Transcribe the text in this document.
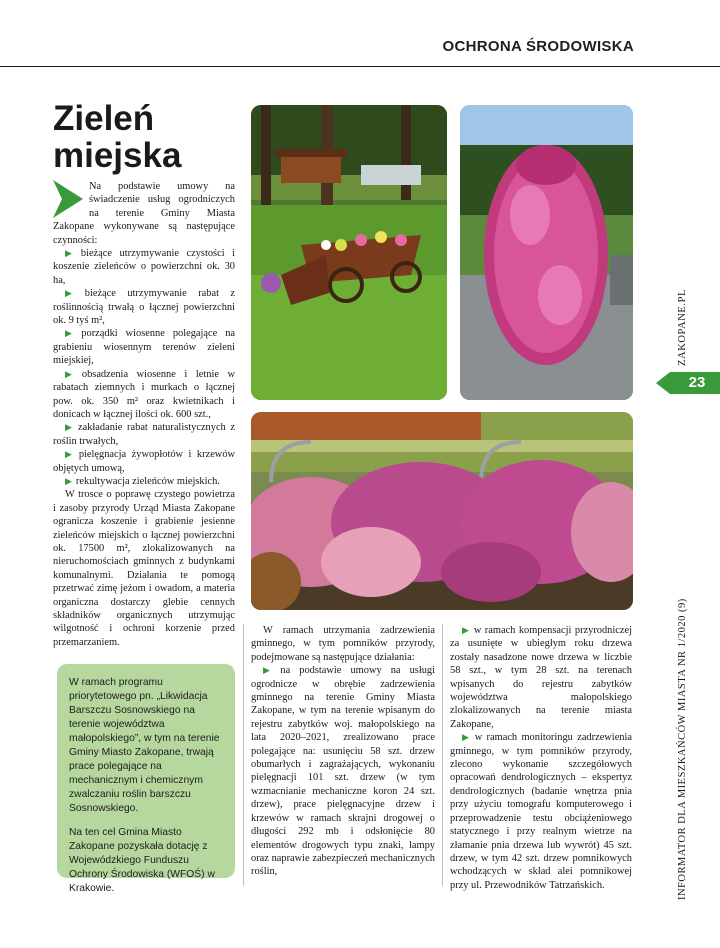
OCHRONA ŚRODOWISKA
Zieleń
miejska

Na podstawie umowy na świadczenie usług ogrodniczych na terenie Gminy Miasta Zakopane wykonywane są następujące czynności:

▶ bieżące utrzymywanie czystości i koszenie zieleńców o powierzchni ok. 30 ha,

▶ bieżące utrzymywanie rabat z roślinnością trwałą o łącznej powierzchni ok. 9 tyś m²,

▶ porządki wiosenne polegające na grabieniu wiosennym terenów zieleni miejskiej,

▶ obsadzenia wiosenne i letnie w rabatach ziemnych i murkach o łącznej pow. ok. 350 m² oraz kwietnikach i donicach w łącznej ilości ok. 600 szt.,

▶ zakładanie rabat naturalistycznych z roślin trwałych,

▶ pielęgnacja żywopłotów i krzewów objętych umową,

▶ rekultywacja zieleńców miejskich.

W trosce o poprawę czystego powietrza i zasoby przyrody Urząd Miasta Zakopane ogranicza koszenie i grabienie jesienne zieleńców miejskich o łącznej powierzchni ok. 17500 m², zlokalizowanych na nieruchomościach gminnych z budynkami komunalnymi. Działania te pomogą przetrwać zimę jeżom i owadom, a materia organiczna dostarczy glebie cennych składników organicznych utrzymując wilgotność i ochroni korzenie przed przemarzaniem.

W ramach programu priorytetowego pn. „Likwidacja Barszczu Sosnowskiego na terenie województwa małopolskiego”, w tym na terenie Gminy Miasto Zakopane, trwają prace polegające na mechanicznym i chemicznym zwalczaniu roślin barszczu Sosnowskiego.

Na ten cel Gmina Miasto Zakopane pozyskała dotację z Wojewódzkiego Funduszu Ochrony Środowiska (WFOŚ) w Krakowie.

W ramach utrzymania zadrzewienia gminnego, w tym pomników przyrody, podejmowane są następujące działania:

▶ na podstawie umowy na usługi ogrodnicze w obrębie zadrzewienia gminnego na terenie Gminy Miasta Zakopane, w tym na terenie wpisanym do rejestru zabytków woj. małopolskiego na lata 2020–2021, zrealizowano prace polegające na: usunięciu 58 szt. drzew obumarłych i zagrażających, wykonaniu pielęgnacji 101 szt. drzew (w tym wzmacnianie mechaniczne koron 24 szt. drzew), prace pielęgnacyjne drzew i krzewów w ramach skrajni drogowej o długości 292 mb i odsłonięcie 80 elementów drogowych typu znaki, lampy oraz naprawie zabezpieczeń mechanicznych roślin,

▶ w ramach kompensacji przyrodniczej za usunięte w ubiegłym roku drzewa zostały nasadzone nowe drzewa w liczbie 58 szt., w tym 28 szt. na terenach wpisanych do rejestru zabytków województwa małopolskiego zlokalizowanych na terenie miasta Zakopane,

▶ w ramach monitoringu zadrzewienia gminnego, w tym pomników przyrody, zlecono wykonanie szczegółowych opracowań dendrologicznych – ekspertyz dendrologicznych (badanie wnętrza pnia przy użyciu tomografu komputerowego i przeprowadzenie testu obciążeniowego statycznego i przy realnym wietrze na złamanie pnia drzewa lub wywrót) 45 szt. drzew, w tym 42 szt. drzew pomnikowych wchodzących w skład alei pomnikowej przy ul. Przewodników Tatrzańskich.

ZAKOPANE.PL
23
INFORMATOR DLA MIESZKAŃCÓW MIASTA NR 1/2020 (9)
